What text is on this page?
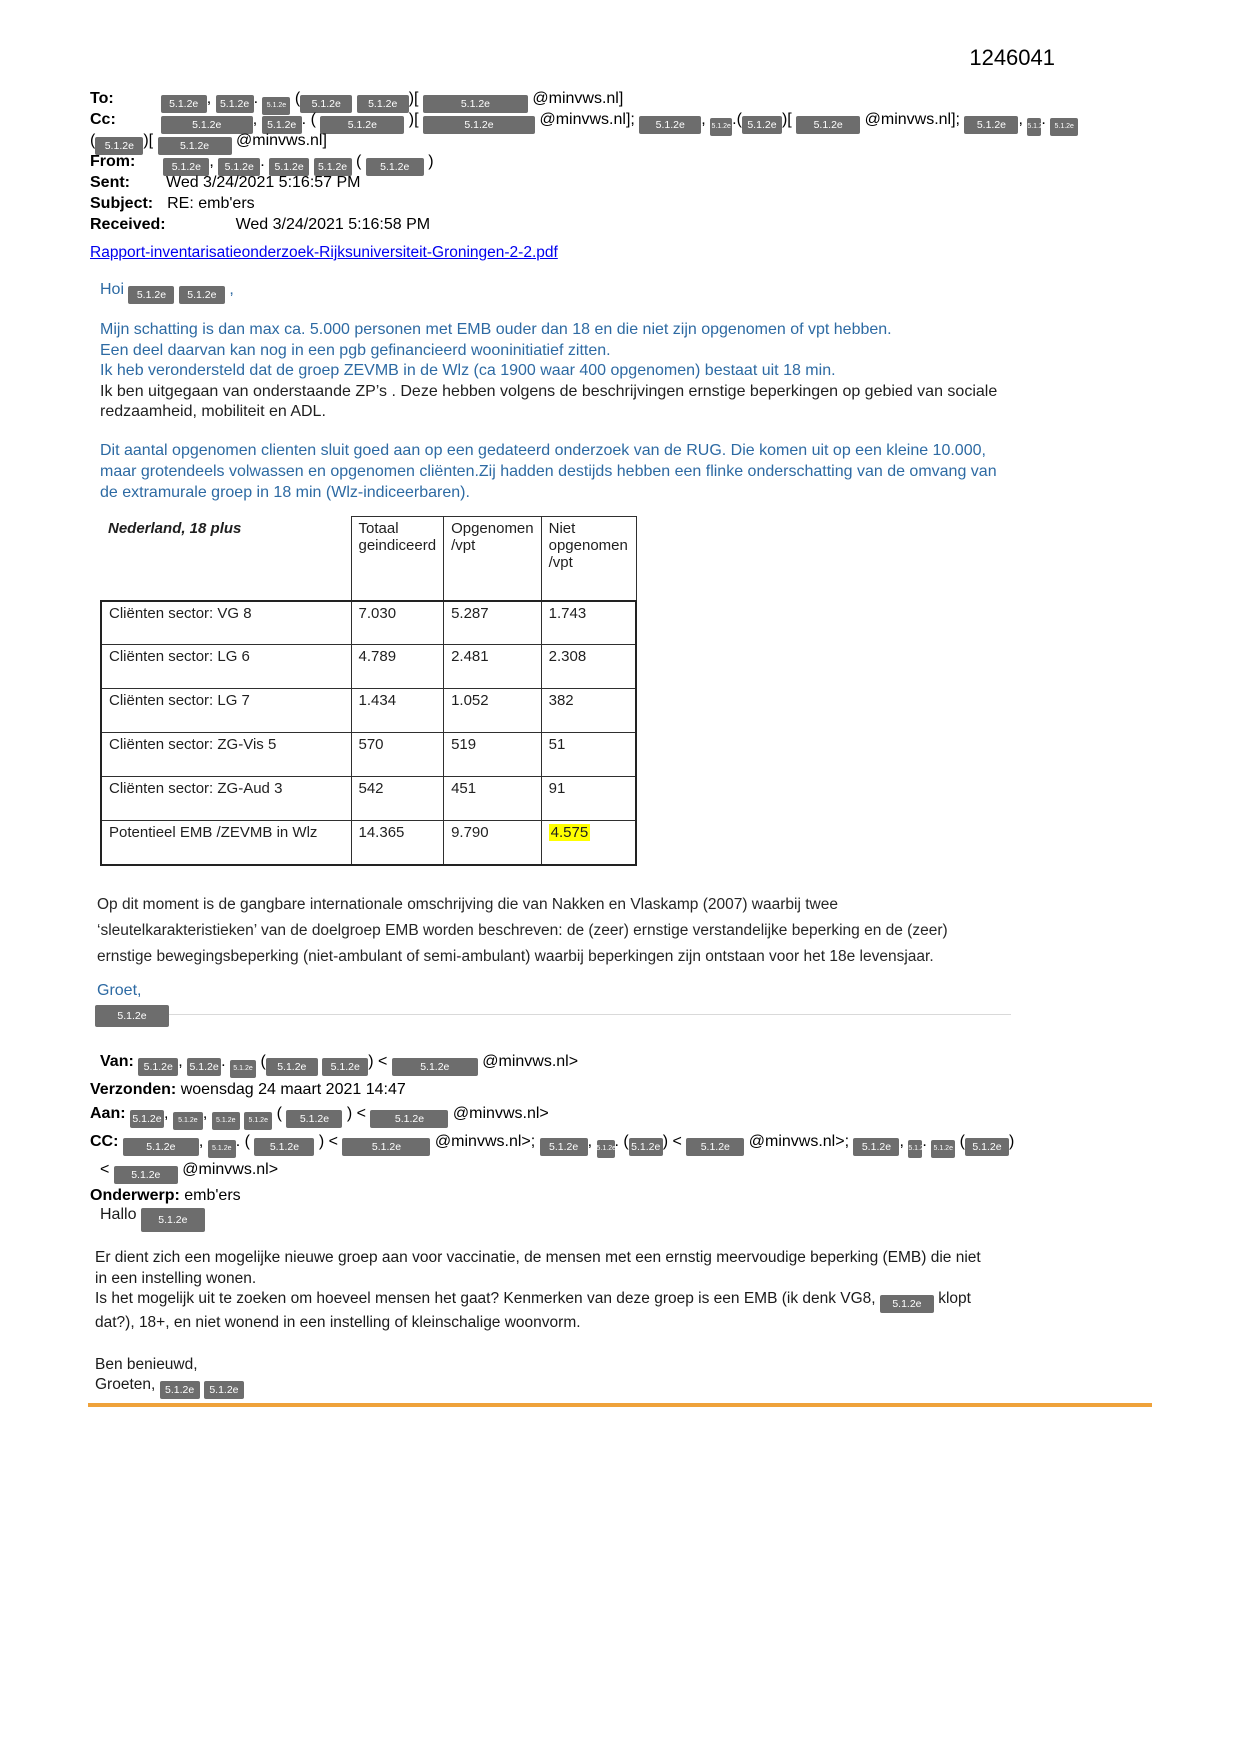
1246041
To:	5.1.2e , 5.1.2e . 5.1.2e ( 5.1.2e	5.1.2e )[	5.1.2e @minvws.nl]
Cc:	5.1.2e , 5.1.2e . (	5.1.2e )[	5.1.2e	@minvws.nl]; 5.1.2e , 5.1.2e.( 5.1.2e )[ 5.1.2e @minvws.nl]; 5.1.2e , 5.1.2e. 5.1.2e
( 5.1.2e )[ 5.1.2e @minvws.nl]
From:	5.1.2e , 5.1.2e . 5.1.2e 5.1.2e ( 5.1.2e )
Sent: Wed 3/24/2021 5:16:57 PM
Subject: RE: emb'ers
Received:	Wed 3/24/2021 5:16:58 PM
Rapport-inventarisatieonderzoek-Rijksuniversiteit-Groningen-2-2.pdf
Hoi 5.1.2e 5.1.2e ,
Mijn schatting is dan max ca. 5.000 personen met EMB ouder dan 18 en die niet zijn opgenomen of vpt hebben.
Een deel daarvan kan nog in een pgb gefinancieerd wooninitiatief zitten.
Ik heb verondersteld dat de groep ZEVMB in de Wlz (ca 1900 waar 400 opgenomen) bestaat uit 18 min.
Ik ben uitgegaan van onderstaande ZP’s . Deze hebben volgens de beschrijvingen ernstige beperkingen op gebied van sociale
redzaamheid, mobiliteit en ADL.
Dit aantal opgenomen clienten sluit goed aan op een gedateerd onderzoek van de RUG. Die komen uit op een kleine 10.000,
maar grotendeels volwassen en opgenomen cliënten.Zij hadden destijds hebben een flinke onderschatting van de omvang van
de extramurale groep in 18 min (Wlz-indiceerbaren).
Nederland, 18 plus	Totaal geindiceerd	Opgenomen /vpt	Niet opgenomen /vpt
Cliënten sector: VG 8	7.030	5.287	1.743
Cliënten sector: LG 6	4.789	2.481	2.308
Cliënten sector: LG 7	1.434	1.052	382
Cliënten sector: ZG-Vis 5	570	519	51
Cliënten sector: ZG-Aud 3	542	451	91
Potentieel EMB /ZEVMB in Wlz	14.365	9.790	4.575
Op dit moment is de gangbare internationale omschrijving die van Nakken en Vlaskamp (2007) waarbij twee
‘sleutelkarakteristieken’ van de doelgroep EMB worden beschreven: de (zeer) ernstige verstandelijke beperking en de (zeer)
ernstige bewegingsbeperking (niet-ambulant of semi-ambulant) waarbij beperkingen zijn ontstaan voor het 18e levensjaar.
Groet,
5.1.2e
Van: 5.1.2e , 5.1.2e . 5.1.2e ( 5.1.2e 5.1.2e ) <	5.1.2e @minvws.nl>
Verzonden: woensdag 24 maart 2021 14:47
Aan: 5.1.2e , 5.1.2e , 5.1.2e 5.1.2e ( 5.1.2e ) < 5.1.2e @minvws.nl>
CC: 5.1.2e , 5.1.2e . ( 5.1.2e ) <	5.1.2e @minvws.nl>; 5.1.2e , 5.1.2e. ( 5.1.2e ) < 5.1.2e @minvws.nl>; 5.1.2e , 5.1.2e. 5.1.2e ( 5.1.2e )
< 5.1.2e @minvws.nl>
Onderwerp: emb'ers
Hallo 5.1.2e
Er dient zich een mogelijke nieuwe groep aan voor vaccinatie, de mensen met een ernstig meervoudige beperking (EMB) die niet
in een instelling wonen.
Is het mogelijk uit te zoeken om hoeveel mensen het gaat? Kenmerken van deze groep is een EMB (ik denk VG8, 5.1.2e klopt
dat?), 18+, en niet wonend in een instelling of kleinschalige woonvorm.
Ben benieuwd,
Groeten, 5.1.2e 5.1.2e
